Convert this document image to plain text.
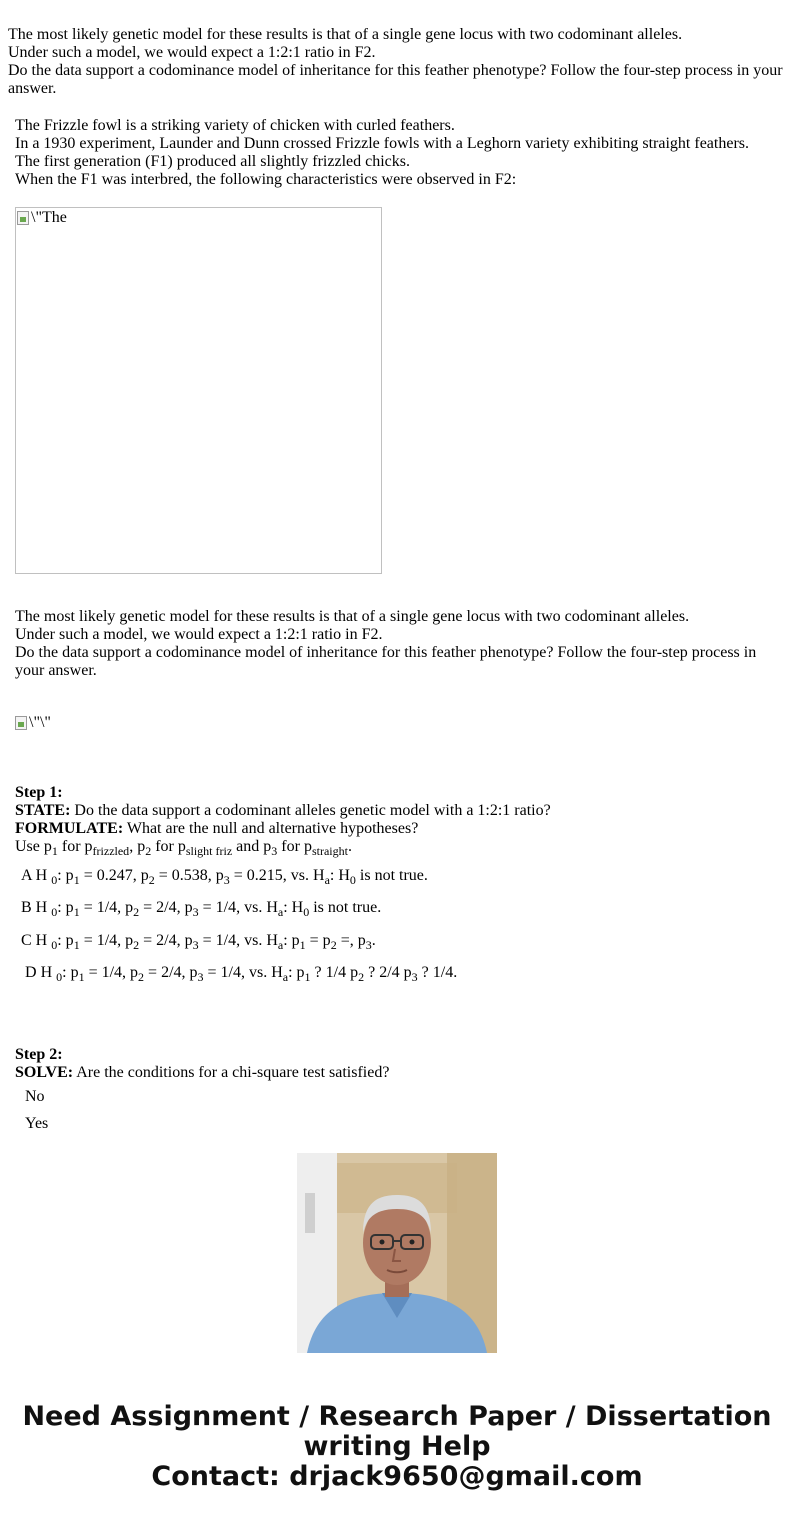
The most likely genetic model for these results is that of a single gene locus with two codominant alleles.
Under such a model, we would expect a 1:2:1 ratio in F2.
Do the data support a codominance model of inheritance for this feather phenotype? Follow the four-step process in your
answer.
The Frizzle fowl is a striking variety of chicken with curled feathers.
In a 1930 experiment, Launder and Dunn crossed Frizzle fowls with a Leghorn variety exhibiting straight feathers.
The first generation (F1) produced all slightly frizzled chicks.
When the F1 was interbred, the following characteristics were observed in F2:
\"The
The most likely genetic model for these results is that of a single gene locus with two codominant alleles.
Under such a model, we would expect a 1:2:1 ratio in F2.
Do the data support a codominance model of inheritance for this feather phenotype? Follow the four-step process in
your answer.
\"\"
Step 1:
STATE: Do the data support a codominant alleles genetic model with a 1:2:1 ratio?
FORMULATE: What are the null and alternative hypotheses?
Use $p_1$ for $p_{frizzled}$, $p_2$ for $p_{slight friz}$ and $p_3$ for $p_{straight}$.
A H $_0$: $p_1 = 0.247$, $p_2 = 0.538$, $p_3 = 0.215$, vs. $H_a$: $H_0$ is not true.
B H $_0$: $p_1 = 1/4$, $p_2 = 2/4$, $p_3 = 1/4$, vs. $H_a$: $H_0$ is not true.
C H $_0$: $p_1 = 1/4$, $p_2 = 2/4$, $p_3 = 1/4$, vs. $H_a$: $p_1 = p_2$ =, $p_3$.
D H $_0$: $p_1 = 1/4$, $p_2 = 2/4$, $p_3 = 1/4$, vs. $H_a$: $p_1$ ? 1/4 $p_2$ ? 2/4 $p_3$ ? 1/4.
Step 2:
SOLVE: Are the conditions for a chi-square test satisfied?
No
Yes
Need Assignment / Research Paper / Dissertation
writing Help
Contact: drjack9650@gmail.com
